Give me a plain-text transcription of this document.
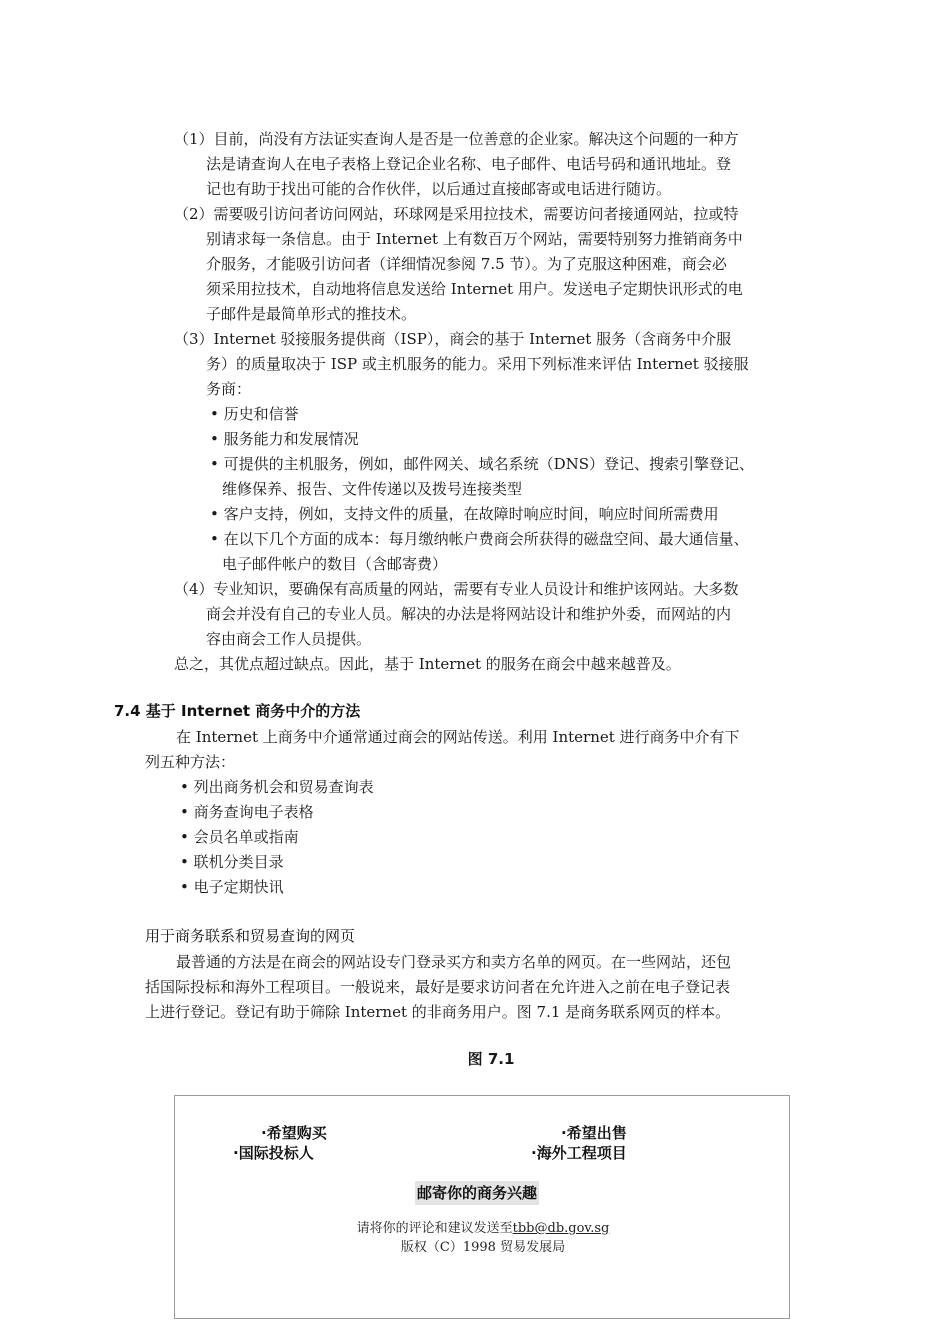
（1）目前，尚没有方法证实查询人是否是一位善意的企业家。解决这个问题的一种方
法是请查询人在电子表格上登记企业名称、电子邮件、电话号码和通讯地址。登
记也有助于找出可能的合作伙伴，以后通过直接邮寄或电话进行随访。
（2）需要吸引访问者访问网站，环球网是采用拉技术，需要访问者接通网站，拉或特
别请求每一条信息。由于 Internet 上有数百万个网站，需要特别努力推销商务中
介服务，才能吸引访问者（详细情况参阅 7.5 节）。为了克服这种困难，商会必
须采用拉技术，自动地将信息发送给 Internet 用户。发送电子定期快讯形式的电
子邮件是最简单形式的推技术。
（3）Internet 驳接服务提供商（ISP），商会的基于 Internet 服务（含商务中介服
务）的质量取决于 ISP 或主机服务的能力。采用下列标准来评估 Internet 驳接服
务商：
• 历史和信誉
• 服务能力和发展情况
• 可提供的主机服务，例如，邮件网关、域名系统（DNS）登记、搜索引擎登记、
维修保养、报告、文件传递以及拨号连接类型
• 客户支持，例如，支持文件的质量，在故障时响应时间，响应时间所需费用
• 在以下几个方面的成本：每月缴纳帐户费商会所获得的磁盘空间、最大通信量、
电子邮件帐户的数目（含邮寄费）
（4）专业知识，要确保有高质量的网站，需要有专业人员设计和维护该网站。大多数
商会并没有自己的专业人员。解决的办法是将网站设计和维护外委，而网站的内
容由商会工作人员提供。
总之，其优点超过缺点。因此，基于 Internet 的服务在商会中越来越普及。
7.4 基于 Internet 商务中介的方法
在 Internet 上商务中介通常通过商会的网站传送。利用 Internet 进行商务中介有下
列五种方法：
• 列出商务机会和贸易查询表
• 商务查询电子表格
• 会员名单或指南
• 联机分类目录
• 电子定期快讯
用于商务联系和贸易查询的网页
最普通的方法是在商会的网站设专门登录买方和卖方名单的网页。在一些网站，还包
括国际投标和海外工程项目。一般说来，最好是要求访问者在允许进入之前在电子登记表
上进行登记。登记有助于筛除 Internet 的非商务用户。图 7.1 是商务联系网页的样本。
图 7.1
·希望购买
·国际投标人
·希望出售
·海外工程项目
邮寄你的商务兴趣
请将你的评论和建议发送至tbb@db.gov.sg
版权（C）1998 贸易发展局
